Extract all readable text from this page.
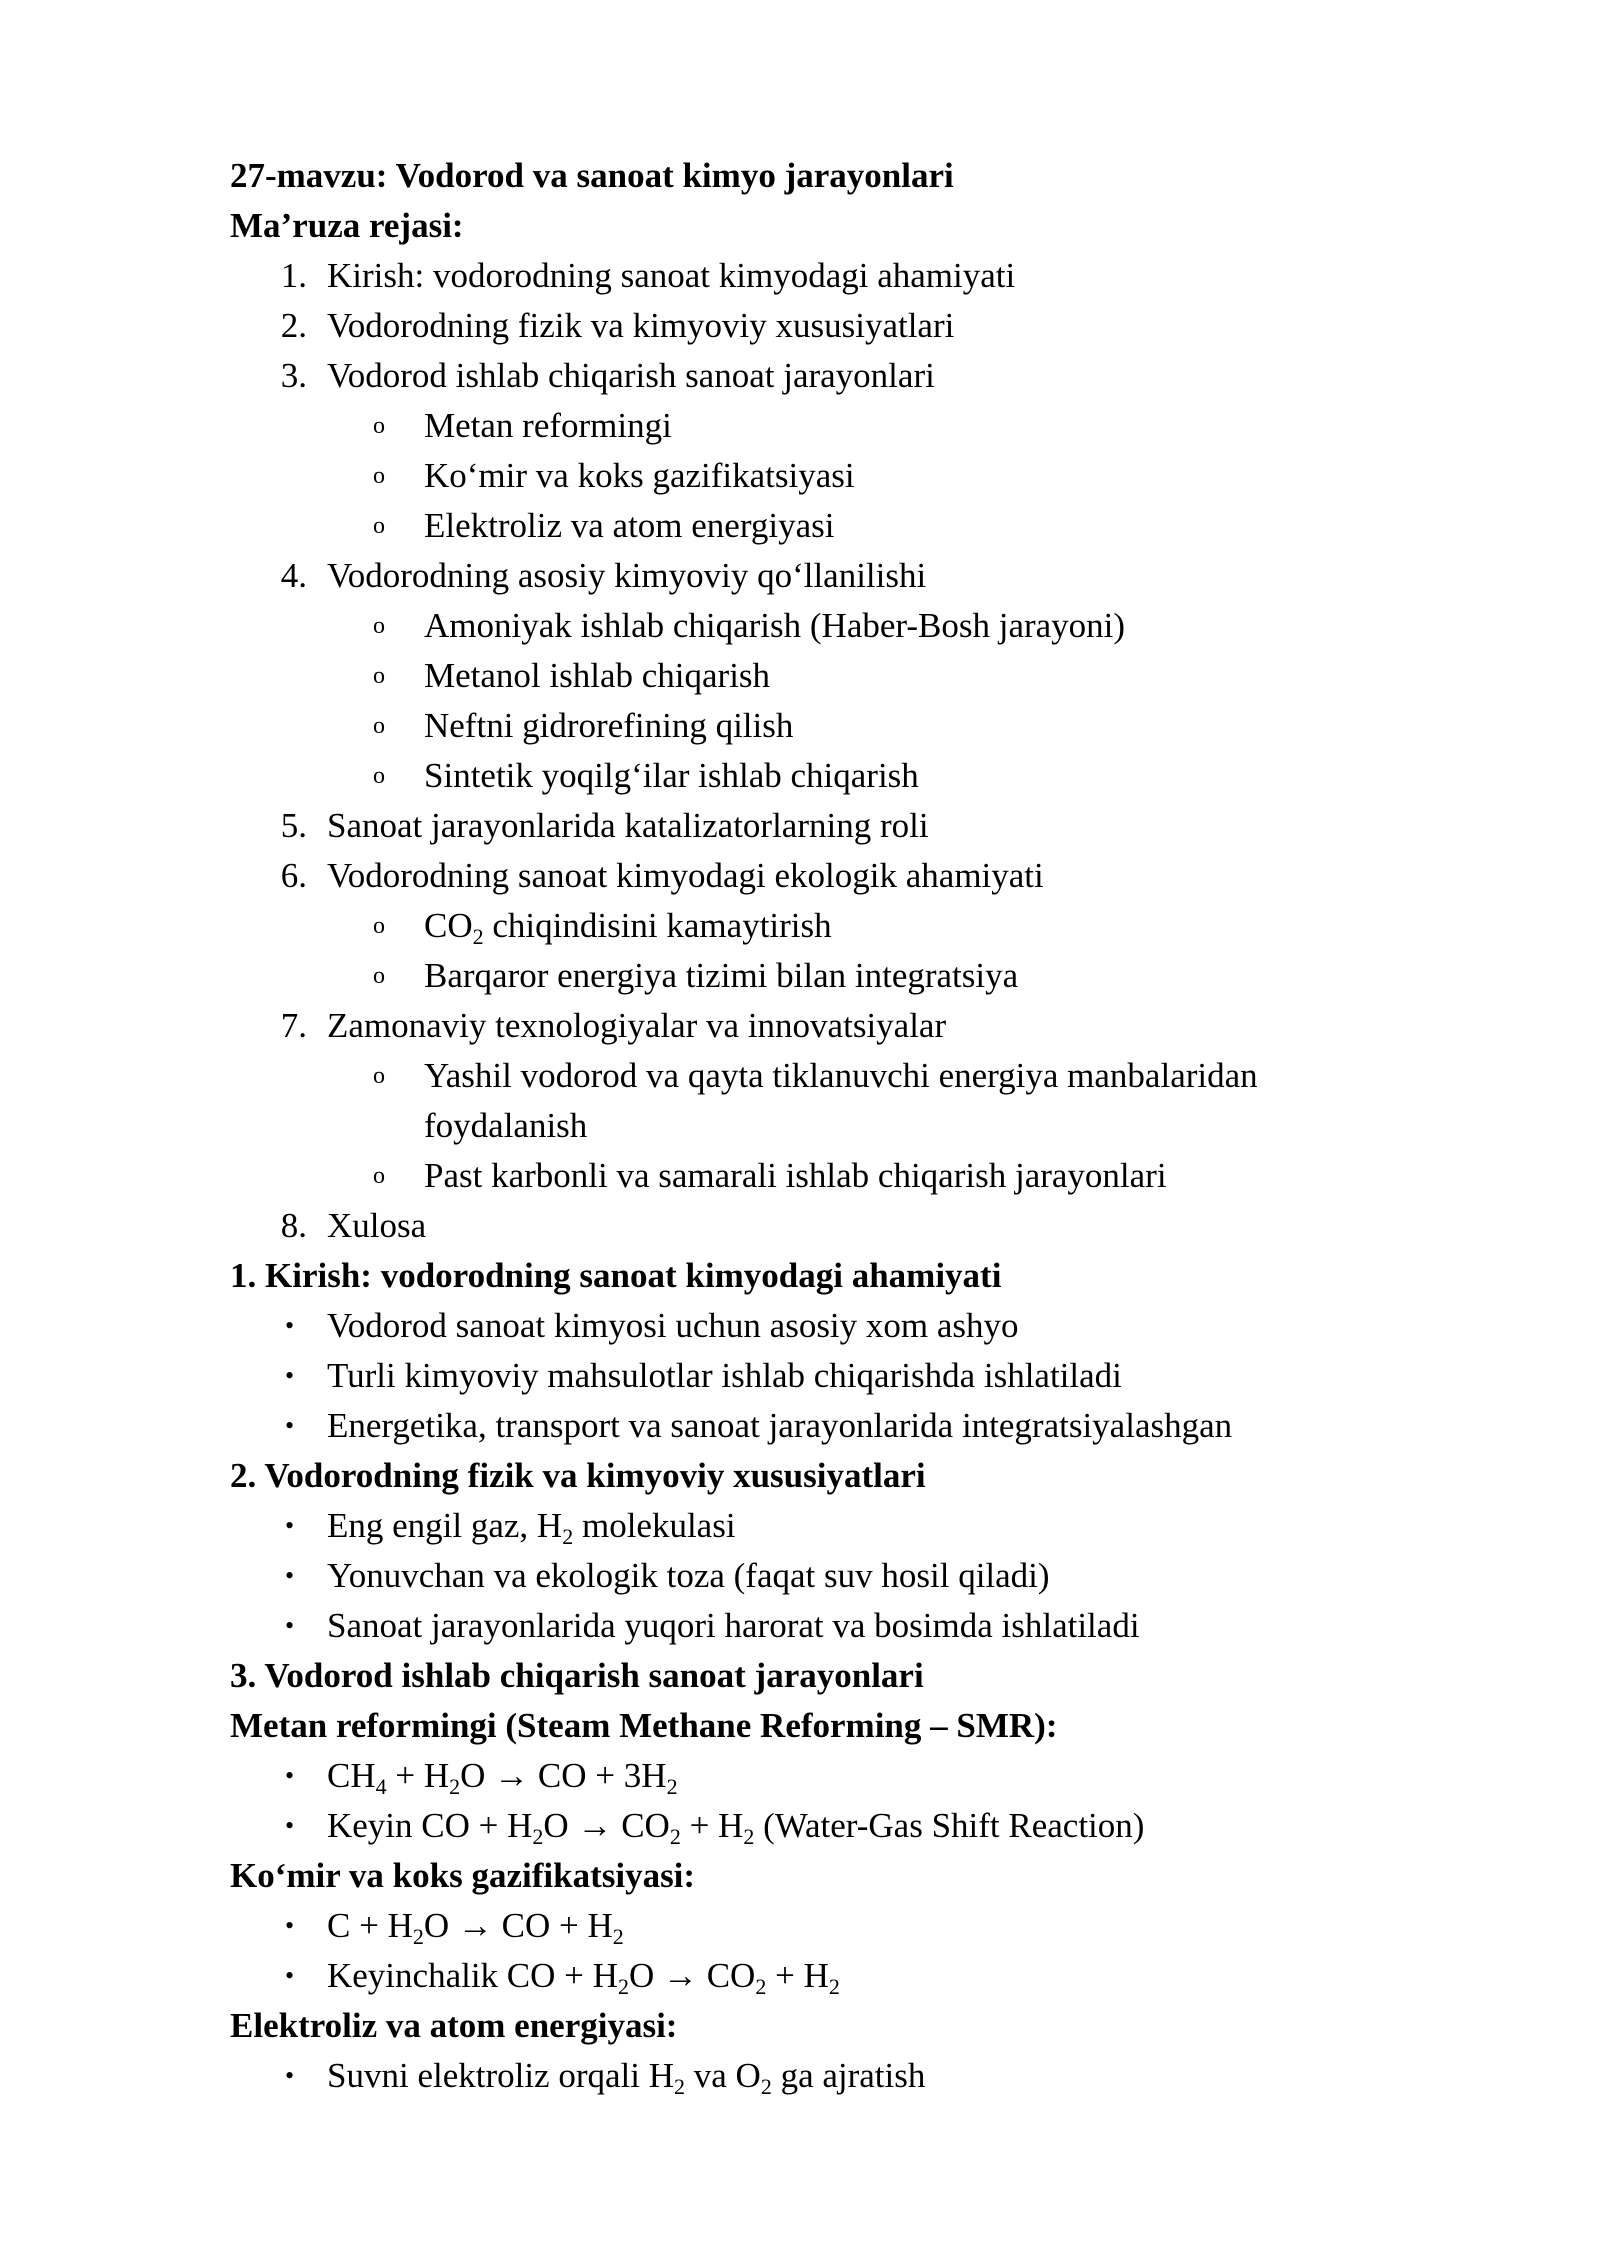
27-mavzu: Vodorod va sanoat kimyo jarayonlari
Ma’ruza rejasi:
1. Kirish: vodorodning sanoat kimyodagi ahamiyati
2. Vodorodning fizik va kimyoviy xususiyatlari
3. Vodorod ishlab chiqarish sanoat jarayonlari
o Metan reformingi
o Ko‘mir va koks gazifikatsiyasi
o Elektroliz va atom energiyasi
4. Vodorodning asosiy kimyoviy qo‘llanilishi
o Amoniyak ishlab chiqarish (Haber-Bosh jarayoni)
o Metanol ishlab chiqarish
o Neftni gidrorefining qilish
o Sintetik yoqilg‘ilar ishlab chiqarish
5. Sanoat jarayonlarida katalizatorlarning roli
6. Vodorodning sanoat kimyodagi ekologik ahamiyati
o $CO_2$ chiqindisini kamaytirish
o Barqaror energiya tizimi bilan integratsiya
7. Zamonaviy texnologiyalar va innovatsiyalar
o Yashil vodorod va qayta tiklanuvchi energiya manbalaridan
foydalanish
o Past karbonli va samarali ishlab chiqarish jarayonlari
8. Xulosa
1. Kirish: vodorodning sanoat kimyodagi ahamiyati
• Vodorod sanoat kimyosi uchun asosiy xom ashyo
• Turli kimyoviy mahsulotlar ishlab chiqarishda ishlatiladi
• Energetika, transport va sanoat jarayonlarida integratsiyalashgan
2. Vodorodning fizik va kimyoviy xususiyatlari
• Eng engil gaz, $H_2$ molekulasi
• Yonuvchan va ekologik toza (faqat suv hosil qiladi)
• Sanoat jarayonlarida yuqori harorat va bosimda ishlatiladi
3. Vodorod ishlab chiqarish sanoat jarayonlari
Metan reformingi (Steam Methane Reforming – SMR):
• $CH_4 + H_2O$ → CO + $3H_2$
• Keyin CO + $H_2O \to CO_2 + H_2$ (Water-Gas Shift Reaction)
Ko‘mir va koks gazifikatsiyasi:
• $C + H_2O$ → CO + $H_2$
• Keyinchalik CO + $H_2O \to CO_2 + H_2$
Elektroliz va atom energiyasi:
• Suvni elektroliz orqali $H_2$ va $O_2$ ga ajratish
